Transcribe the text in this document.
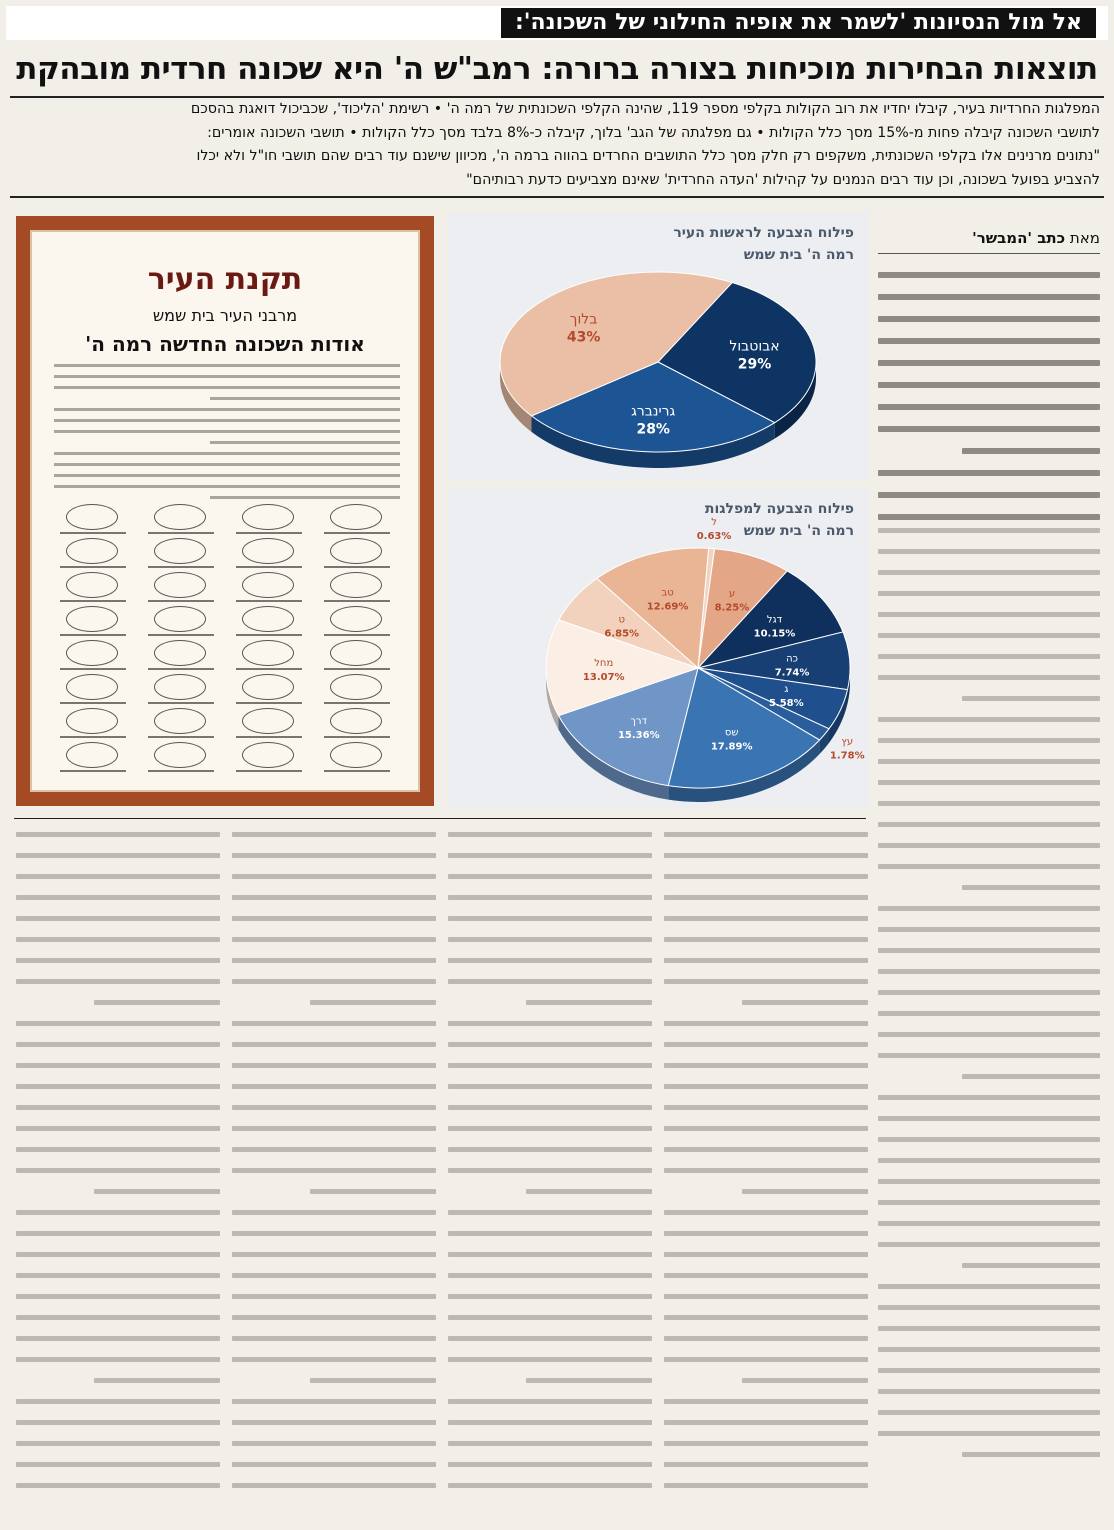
אל מול הנסיונות 'לשמר את אופיה החילוני של השכונה':
תוצאות הבחירות מוכיחות בצורה ברורה: רמב"ש ה' היא שכונה חרדית מובהקת

המפלגות החרדיות בעיר, קיבלו יחדיו את רוב הקולות בקלפי מספר 119, שהינה הקלפי השכונתית של רמה ה' • רשימת 'הליכוד', שכביכול דואגת בהסכם

לתושבי השכונה קיבלה פחות מ-15% מסך כלל הקולות • גם מפלגתה של הגב' בלוך, קיבלה כ-8% בלבד מסך כלל הקולות • תושבי השכונה אומרים:

"נתונים מרנינים אלו בקלפי השכונתית, משקפים רק חלק מסך כלל התושבים החרדים בהווה ברמה ה', מכיוון שישנם עוד רבים שהם תושבי חו"ל ולא יכלו

להצביע בפועל בשכונה, וכן עוד רבים הנמנים על קהילות 'העדה החרדית' שאינם מצביעים כדעת רבותיהם"

מאת כתב 'המבשר'
פילוח הצבעה לראשות העיר
רמה ה' בית שמש
אבוטבול
29%
גרינברג
28%
בלוך
43%
פילוח הצבעה למפלגות
רמה ה' בית שמש
ל
0.63%
ע
8.25%
דגל
10.15%
כה
7.74%
ג
5.58%
עץ
1.78%
שס
17.89%
דרך
15.36%
מחל
13.07%
ט
6.85%
טב
12.69%
תקנת העיר
מרבני העיר בית שמש
אודות השכונה החדשה רמה ה'
